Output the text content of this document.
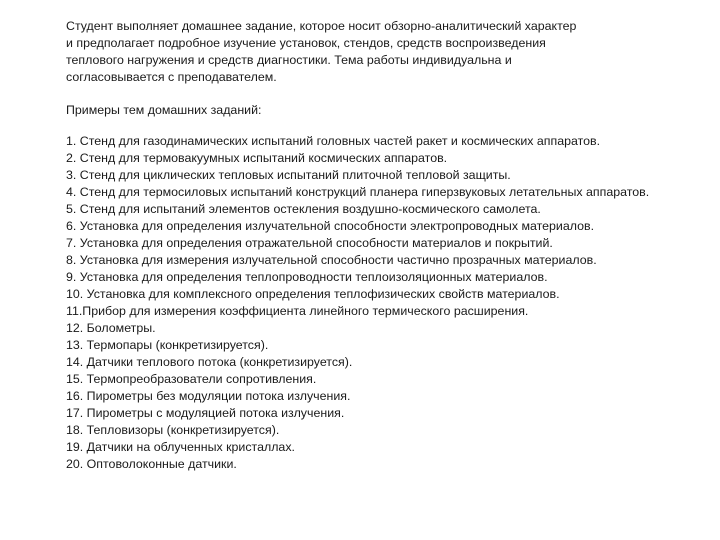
Студент выполняет домашнее задание, которое носит обзорно-аналитический характер и предполагает подробное изучение установок, стендов, средств воспроизведения теплового нагружения и средств диагностики. Тема работы индивидуальна и согласовывается с преподавателем.

Примеры тем домашних заданий:

1. Стенд для газодинамических испытаний головных частей ракет и космических аппаратов.
2. Стенд для термовакуумных испытаний космических аппаратов.
3. Стенд для циклических тепловых испытаний плиточной тепловой защиты.
4. Стенд для термосиловых испытаний конструкций планера гиперзвуковых летательных аппаратов.
5. Стенд для испытаний элементов остекления воздушно-космического самолета.
6. Установка для определения излучательной способности электропроводных материалов.
7. Установка для определения отражательной способности материалов и покрытий.
8. Установка для измерения излучательной способности частично прозрачных материалов.
9. Установка для определения теплопроводности теплоизоляционных материалов.
10. Установка для комплексного определения теплофизических свойств материалов.
11.Прибор для измерения коэффициента линейного термического расширения.
12. Болометры.
13. Термопары (конкретизируется).
14. Датчики теплового потока (конкретизируется).
15. Термопреобразователи сопротивления.
16. Пирометры без модуляции потока излучения.
17. Пирометры с модуляцией потока излучения.
18. Тепловизоры (конкретизируется).
19. Датчики на облученных кристаллах.
20. Оптоволоконные датчики.
